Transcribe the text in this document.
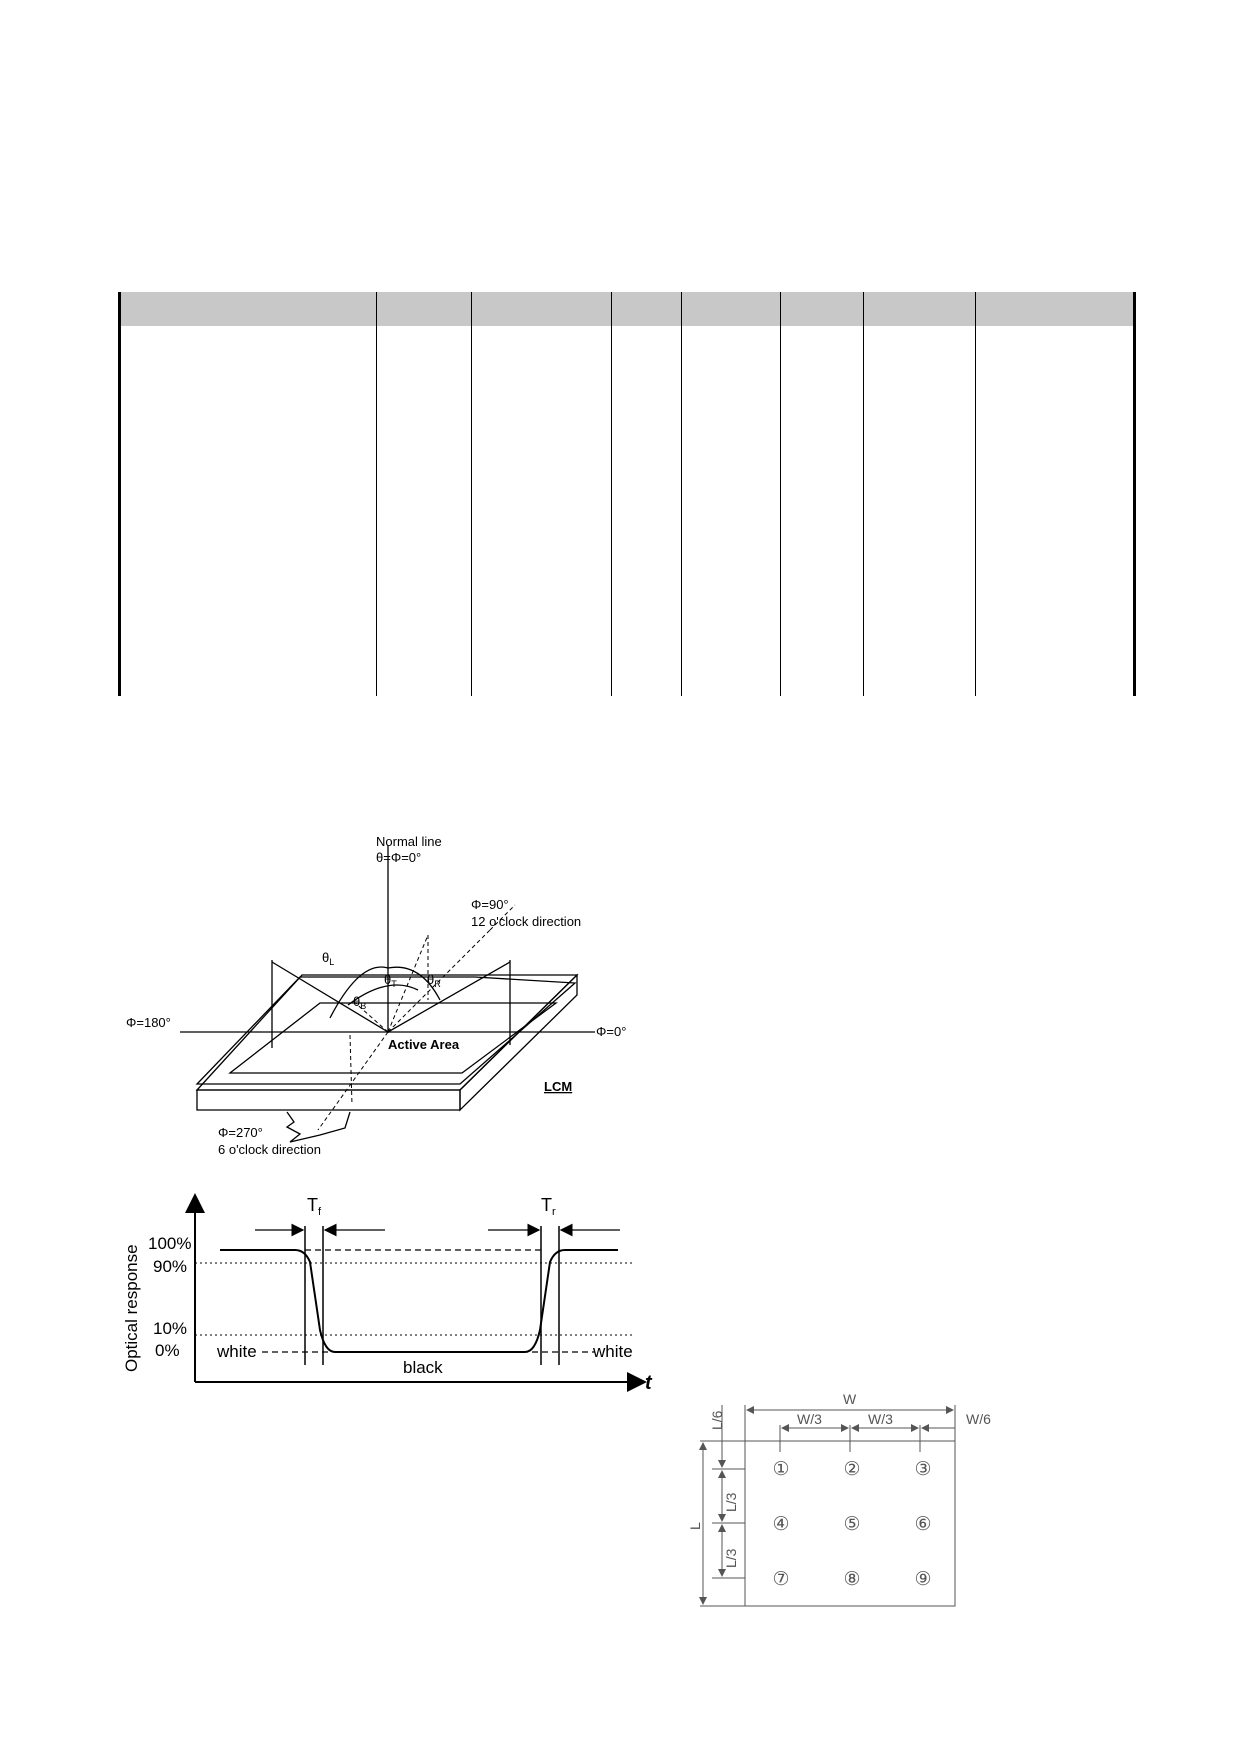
Normal line
θ=Φ=0°
Φ=90°
12 o'clock direction
Φ=180°
Φ=0°
Active Area
LCM
Φ=270°
6 o'clock direction
$\theta_L$
$\theta_T$ $\theta_R$
$\theta_B$
$T_f$	$T_r$
Optical response
100%
90%
10%
0% white	white
black
t
W
W/3	W/3	W/6
L/6
L
L/3
L/3
①	②	③
④	⑤	⑥
⑦	⑧	⑨
